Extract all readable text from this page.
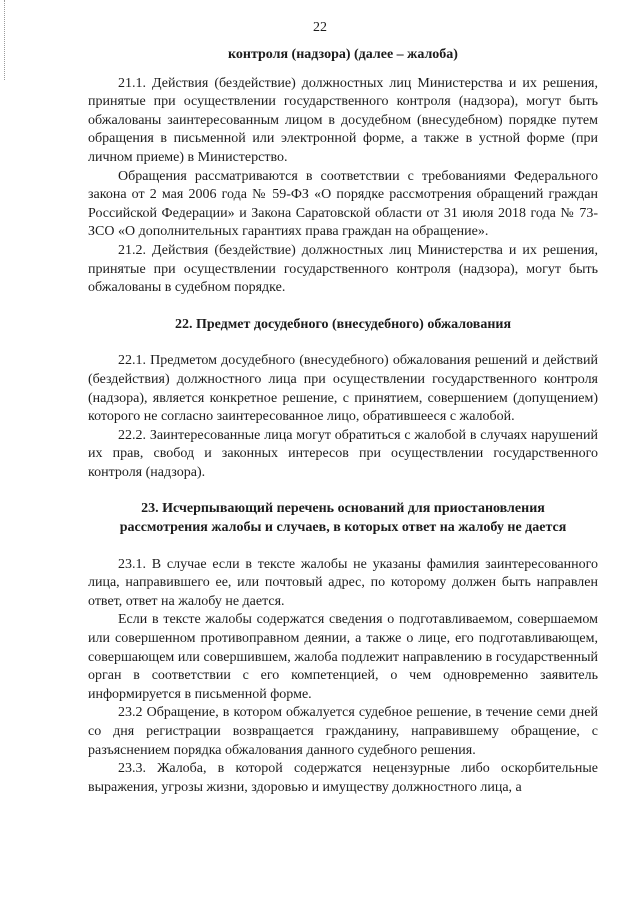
22
контроля (надзора) (далее – жалоба)

21.1. Действия (бездействие) должностных лиц Министерства и их решения, принятые при осуществлении государственного контроля (надзора), могут быть обжалованы заинтересованным лицом в досудебном (внесудебном) порядке путем обращения в письменной или электронной форме, а также в устной форме (при личном приеме) в Министерство.

Обращения рассматриваются в соответствии с требованиями Федерального закона от 2 мая 2006 года № 59-ФЗ «О порядке рассмотрения обращений граждан Российской Федерации» и Закона Саратовской области от 31 июля 2018 года № 73-ЗСО «О дополнительных гарантиях права граждан на обращение».

21.2. Действия (бездействие) должностных лиц Министерства и их решения, принятые при осуществлении государственного контроля (надзора), могут быть обжалованы в судебном порядке.

22. Предмет досудебного (внесудебного) обжалования

22.1. Предметом досудебного (внесудебного) обжалования решений и действий (бездействия) должностного лица при осуществлении государственного контроля (надзора), является конкретное решение, с принятием, совершением (допущением) которого не согласно заинтересованное лицо, обратившееся с жалобой.

22.2. Заинтересованные лица могут обратиться с жалобой в случаях нарушений их прав, свобод и законных интересов при осуществлении государственного контроля (надзора).

23. Исчерпывающий перечень оснований для приостановления
рассмотрения жалобы и случаев, в которых ответ на жалобу не дается

23.1. В случае если в тексте жалобы не указаны фамилия заинтересованного лица, направившего ее, или почтовый адрес, по которому должен быть направлен ответ, ответ на жалобу не дается.

Если в тексте жалобы содержатся сведения о подготавливаемом, совершаемом или совершенном противоправном деянии, а также о лице, его подготавливающем, совершающем или совершившем, жалоба подлежит направлению в государственный орган в соответствии с его компетенцией, о чем одновременно заявитель информируется в письменной форме.

23.2 Обращение, в котором обжалуется судебное решение, в течение семи дней со дня регистрации возвращается гражданину, направившему обращение, с разъяснением порядка обжалования данного судебного решения.

23.3. Жалоба, в которой содержатся нецензурные либо оскорбительные выражения, угрозы жизни, здоровью и имуществу должностного лица, а
